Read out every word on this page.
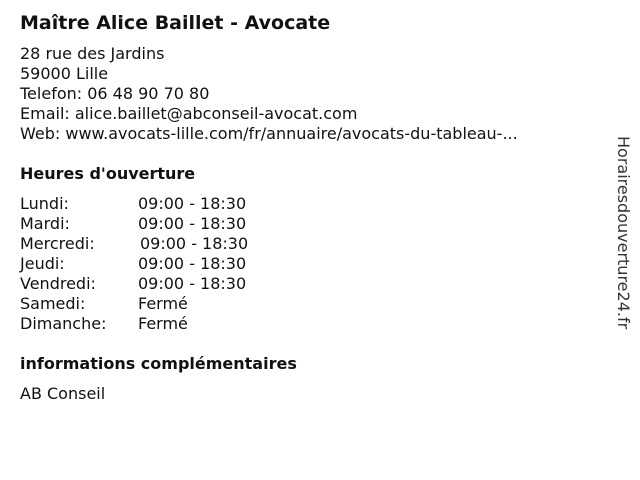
Maître Alice Baillet - Avocate
28 rue des Jardins
59000 Lille
Telefon: 06 48 90 70 80
Email: alice.baillet@abconseil-avocat.com
Web: www.avocats-lille.com/fr/annuaire/avocats-du-tableau-...
Heures d'ouverture
Lundi:	09:00 - 18:30
Mardi:	09:00 - 18:30
Mercredi:	09:00 - 18:30
Jeudi:	09:00 - 18:30
Vendredi:	09:00 - 18:30
Samedi:	Fermé
Dimanche: Fermé
informations complémentaires
AB Conseil
Horairesdouverture24.fr
